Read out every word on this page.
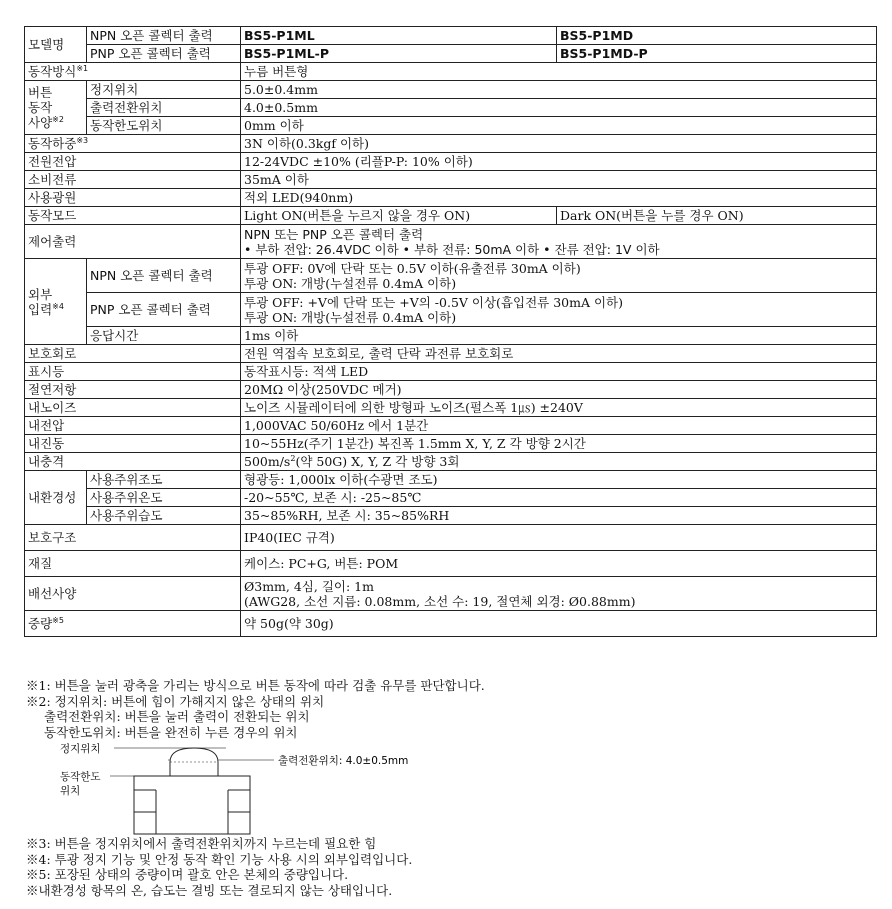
모델명	NPN 오픈 콜렉터 출력	BS5-P1ML	BS5-P1MD
	PNP 오픈 콜렉터 출력	BS5-P1ML-P	BS5-P1MD-P
동작방식$^{※1}$		누름 버튼형	
버튼
동작
사양$^{※2}$	정지위치	5.0±0.4mm	
	출력전환위치	4.0±0.5mm	
	동작한도위치	0mm 이하	
동작하중$^{※3}$		3N 이하(0.3kgf 이하)	
전원전압		12-24VDC ±10% (리플P-P: 10% 이하)	
소비전류		35mA 이하	
사용광원		적외 LED(940nm)	
동작모드		Light ON(버튼을 누르지 않을 경우 ON)	Dark ON(버튼을 누를 경우 ON)
제어출력		NPN 또는 PNP 오픈 콜렉터 출력
• 부하 전압: 26.4VDC 이하 • 부하 전류: 50mA 이하 • 잔류 전압: 1V 이하	
외부
입력$^{※4}$	NPN 오픈 콜렉터 출력	투광 OFF: 0V에 단락 또는 0.5V 이하(유출전류 30mA 이하)
투광 ON: 개방(누설전류 0.4mA 이하)	
	PNP 오픈 콜렉터 출력	투광 OFF: +V에 단락 또는 +V의 -0.5V 이상(흡입전류 30mA 이하)
투광 ON: 개방(누설전류 0.4mA 이하)	
	응답시간	1ms 이하	
보호회로		전원 역접속 보호회로, 출력 단락 과전류 보호회로	
표시등		동작표시등: 적색 LED	
절연저항		20MΩ 이상(250VDC 메거)	
내노이즈		노이즈 시뮬레이터에 의한 방형파 노이즈(펄스폭 1㎲) ±240V	
내전압		1,000VAC 50/60Hz 에서 1분간	
내진동		10~55Hz(주기 1분간) 복진폭 1.5mm X, Y, Z 각 방향 2시간	
내충격		$500m/s^2$(약 50G) X, Y, Z 각 방향 3회	
내환경성	사용주위조도	형광등: 1,000lx 이하(수광면 조도)	
	사용주위온도	-20~55℃, 보존 시: -25~85℃	
	사용주위습도	35~85%RH, 보존 시: 35~85%RH	
보호구조		IP40(IEC 규격)	
재질		케이스: PC+G, 버튼: POM	
배선사양		Ø3mm, 4심, 길이: 1m
(AWG28, 소선 지름: 0.08mm, 소선 수: 19, 절연체 외경: Ø0.88mm)	
중량$^{※5}$		약 50g(약 30g)	
※1: 버튼을 눌러 광축을 가리는 방식으로 버튼 동작에 따라 검출 유무를 판단합니다.
※2: 정지위치: 버튼에 힘이 가해지지 않은 상태의 위치
출력전환위치: 버튼을 눌러 출력이 전환되는 위치
동작한도위치: 버튼을 완전히 누른 경우의 위치
정지위치
출력전환위치: 4.0±0.5mm
동작한도
위치
※3: 버튼을 정지위치에서 출력전환위치까지 누르는데 필요한 힘
※4: 투광 정지 기능 및 안정 동작 확인 기능 사용 시의 외부입력입니다.
※5: 포장된 상태의 중량이며 괄호 안은 본체의 중량입니다.
※내환경성 항목의 온, 습도는 결빙 또는 결로되지 않는 상태입니다.
